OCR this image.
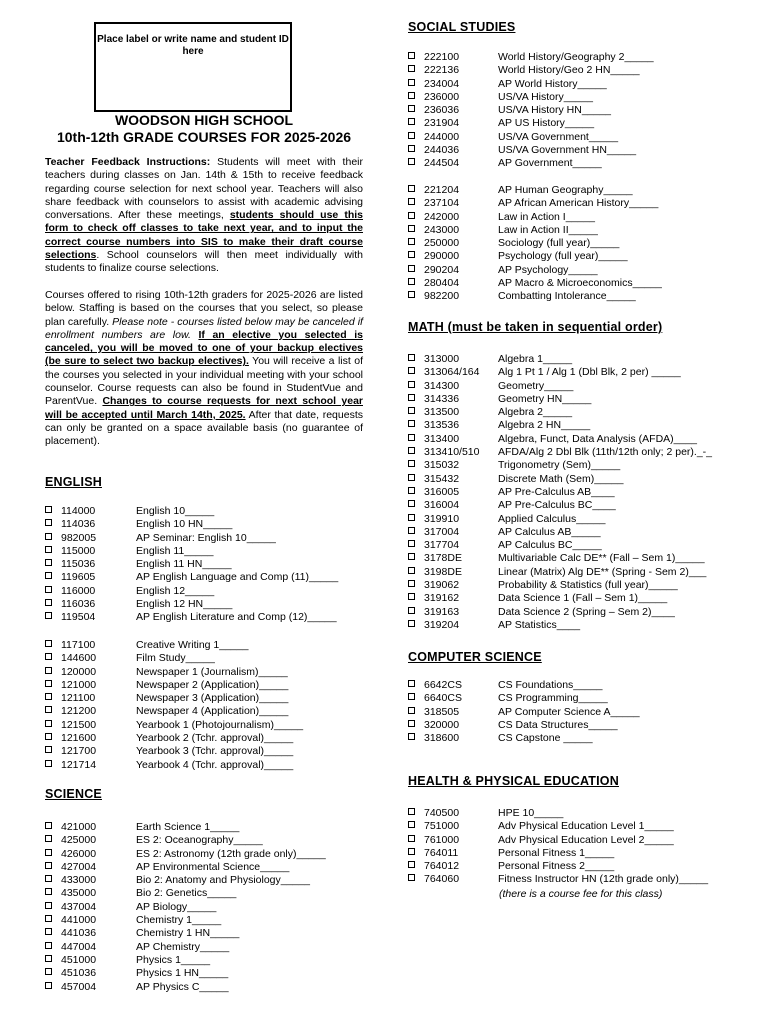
Place label or write name and student ID here
WOODSON HIGH SCHOOL
10th-12th GRADE COURSES FOR 2025-2026
Teacher Feedback Instructions: Students will meet with their teachers during classes on Jan. 14th & 15th to receive feedback regarding course selection for next school year. Teachers will also share feedback with counselors to assist with academic advising conversations. After these meetings, students should use this form to check off classes to take next year, and to input the correct course numbers into SIS to make their draft course selections. School counselors will then meet individually with students to finalize course selections.
Courses offered to rising 10th-12th graders for 2025-2026 are listed below. Staffing is based on the courses that you select, so please plan carefully. Please note - courses listed below may be canceled if enrollment numbers are low. If an elective you selected is canceled, you will be moved to one of your backup electives (be sure to select two backup electives). You will receive a list of the courses you selected in your individual meeting with your school counselor. Course requests can also be found in StudentVue and ParentVue. Changes to course requests for next school year will be accepted until March 14th, 2025. After that date, requests can only be granted on a space available basis (no guarantee of placement).
ENGLISH
114000	English 10_____
114036	English 10 HN_____
982005	AP Seminar: English 10_____
115000	English 11_____
115036	English 11 HN_____
119605	AP English Language and Comp (11)_____
116000	English 12_____
116036	English 12 HN_____
119504	AP English Literature and Comp (12)_____
117100	Creative Writing 1_____
144600	Film Study_____
120000	Newspaper 1 (Journalism)_____
121000	Newspaper 2 (Application)_____
121100	Newspaper 3 (Application)_____
121200	Newspaper 4 (Application)_____
121500	Yearbook 1 (Photojournalism)_____
121600	Yearbook 2 (Tchr. approval)_____
121700	Yearbook 3 (Tchr. approval)_____
121714	Yearbook 4 (Tchr. approval)_____
SCIENCE
421000	Earth Science 1_____
425000	ES 2: Oceanography_____
426000	ES 2: Astronomy (12th grade only)_____
427004	AP Environmental Science_____
433000	Bio 2: Anatomy and Physiology_____
435000	Bio 2: Genetics_____
437004	AP Biology_____
441000	Chemistry 1_____
441036	Chemistry 1 HN_____
447004	AP Chemistry_____
451000	Physics 1_____
451036	Physics 1 HN_____
457004	AP Physics C_____
SOCIAL STUDIES
222100	World History/Geography 2_____
222136	World History/Geo 2 HN_____
234004	AP World History_____
236000	US/VA History_____
236036	US/VA History HN_____
231904	AP US History_____
244000	US/VA Government_____
244036	US/VA Government HN_____
244504	AP Government_____
221204	AP Human Geography_____
237104	AP African American History_____
242000	Law in Action I_____
243000	Law in Action II_____
250000	Sociology (full year)_____
290000	Psychology (full year)_____
290204	AP Psychology_____
280404	AP Macro & Microeconomics_____
982200	Combatting Intolerance_____
MATH (must be taken in sequential order)
313000	Algebra 1_____
313064/164 Alg 1 Pt 1 / Alg 1 (Dbl Blk, 2 per) _____
314300	Geometry_____
314336	Geometry HN_____
313500	Algebra 2_____
313536	Algebra 2 HN_____
313400	Algebra, Funct, Data Analysis (AFDA)____
313410/510 AFDA/Alg 2 Dbl Blk (11th/12th only; 2 per)._-_
315032	Trigonometry (Sem)_____
315432	Discrete Math (Sem)_____
316005	AP Pre-Calculus AB____
316004	AP Pre-Calculus BC____
319910	Applied Calculus_____
317004	AP Calculus AB_____
317704	AP Calculus BC_____
3178DE	Multivariable Calc DE** (Fall – Sem 1)_____
3198DE	Linear (Matrix) Alg DE** (Spring - Sem 2)___
319062	Probability & Statistics (full year)_____
319162	Data Science 1 (Fall – Sem 1)_____
319163	Data Science 2 (Spring – Sem 2)____
319204	AP Statistics____
COMPUTER SCIENCE
6642CS	CS Foundations_____
6640CS	CS Programming_____
318505	AP Computer Science A_____
320000	CS Data Structures_____
318600	CS Capstone _____
HEALTH & PHYSICAL EDUCATION
740500	HPE 10_____
751000	Adv Physical Education Level 1_____
761000	Adv Physical Education Level 2_____
764011	Personal Fitness 1_____
764012	Personal Fitness 2_____
764060	Fitness Instructor HN (12th grade only)_____
(there is a course fee for this class)
